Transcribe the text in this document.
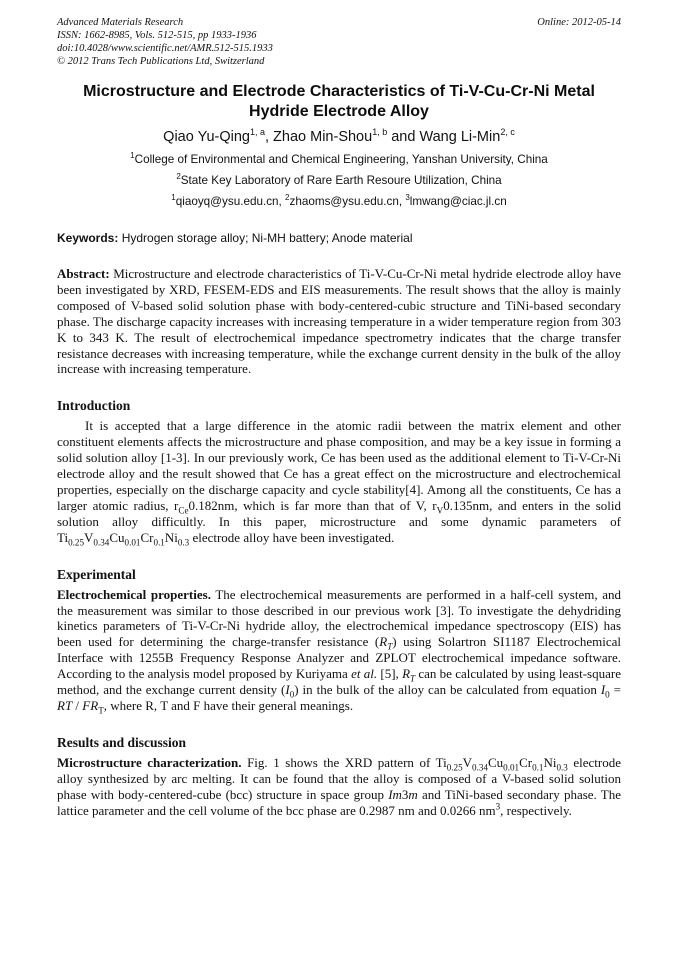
Advanced Materials Research
ISSN: 1662-8985, Vols. 512-515, pp 1933-1936
doi:10.4028/www.scientific.net/AMR.512-515.1933
© 2012 Trans Tech Publications Ltd, Switzerland
Online: 2012-05-14
Microstructure and Electrode Characteristics of Ti-V-Cu-Cr-Ni Metal Hydride Electrode Alloy
Qiao Yu-Qing$^{1, a}$, Zhao Min-Shou$^{1, b}$ and Wang Li-Min$^{2, c}$
$^1$College of Environmental and Chemical Engineering, Yanshan University, China
$^2$State Key Laboratory of Rare Earth Resoure Utilization, China
$^1$qiaoyq@ysu.edu.cn, $^2$zhaoms@ysu.edu.cn, $^3$lmwang@ciac.jl.cn
Keywords: Hydrogen storage alloy; Ni-MH battery; Anode material

Abstract: Microstructure and electrode characteristics of Ti-V-Cu-Cr-Ni metal hydride electrode alloy have been investigated by XRD, FESEM-EDS and EIS measurements. The result shows that the alloy is mainly composed of V-based solid solution phase with body-centered-cubic structure and TiNi-based secondary phase. The discharge capacity increases with increasing temperature in a wider temperature region from 303 K to 343 K. The result of electrochemical impedance spectrometry indicates that the charge transfer resistance decreases with increasing temperature, while the exchange current density in the bulk of the alloy increase with increasing temperature.

Introduction

It is accepted that a large difference in the atomic radii between the matrix element and other constituent elements affects the microstructure and phase composition, and may be a key issue in forming a solid solution alloy [1-3]. In our previously work, Ce has been used as the additional element to Ti-V-Cr-Ni electrode alloy and the result showed that Ce has a great effect on the microstructure and electrochemical properties, especially on the discharge capacity and cycle stability[4]. Among all the constituents, Ce has a larger atomic radius, $r_{Ce}0.182nm$, which is far more than that of V, $r_V0.135nm$, and enters in the solid solution alloy difficultly. In this paper, microstructure and some dynamic parameters of $Ti_{0.25}V_{0.34}Cu_{0.01}Cr_{0.1}Ni_{0.3}$ electrode alloy have been investigated.

Experimental

Electrochemical properties. The electrochemical measurements are performed in a half-cell system, and the measurement was similar to those described in our previous work [3]. To investigate the dehydriding kinetics parameters of Ti-V-Cr-Ni hydride alloy, the electrochemical impedance spectroscopy (EIS) has been used for determining the charge-transfer resistance $(R_T)$ using Solartron SI1187 Electrochemical Interface with 1255B Frequency Response Analyzer and ZPLOT electrochemical impedance software. According to the analysis model proposed by Kuriyama et al. [5], $R_T$ can be calculated by using least-square method, and the exchange current density $(I_0)$ in the bulk of the alloy can be calculated from equation $I_0$ = RT / $FR_T$, where R, T and F have their general meanings.

Results and discussion

Microstructure characterization. Fig. 1 shows the XRD pattern of $Ti_{0.25}V_{0.34}Cu_{0.01}Cr_{0.1}Ni_{0.3}$ electrode alloy synthesized by arc melting. It can be found that the alloy is composed of a V-based solid solution phase with body-centered-cube (bcc) structure in space group Im3m and TiNi-based secondary phase. The lattice parameter and the cell volume of the bcc phase are 0.2987 nm and 0.0266 $nm^3$, respectively.
